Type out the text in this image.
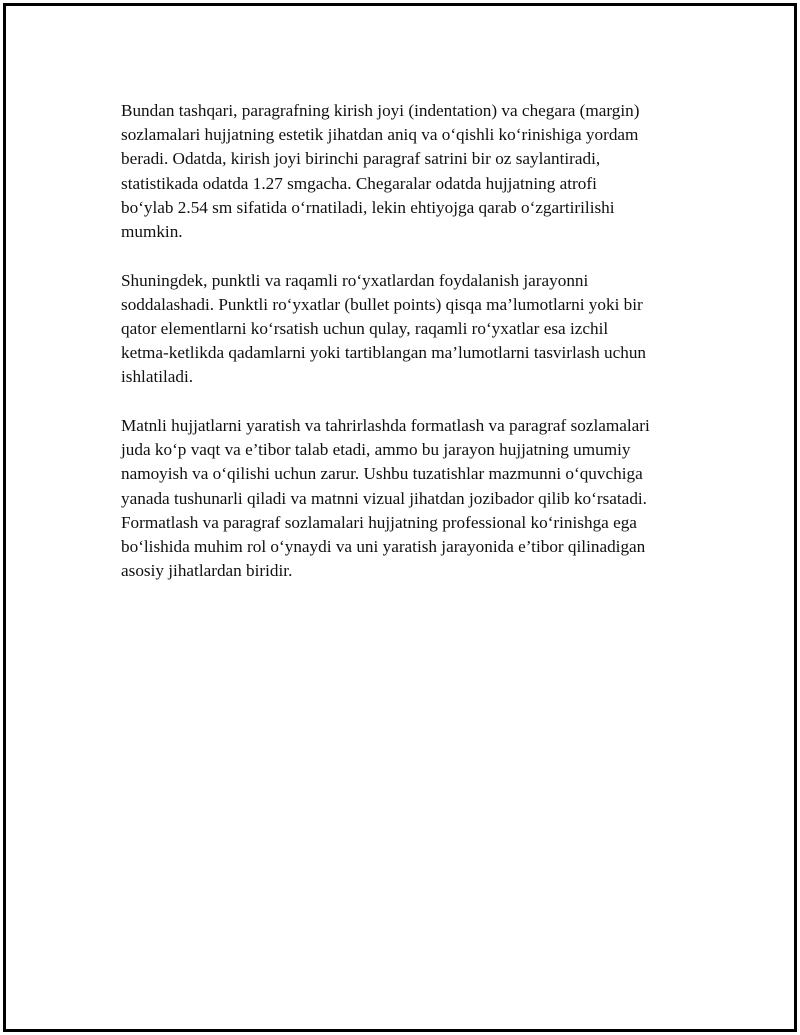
Bundan tashqari, paragrafning kirish joyi (indentation) va chegara (margin)
sozlamalari hujjatning estetik jihatdan aniq va o‘qishli ko‘rinishiga yordam
beradi. Odatda, kirish joyi birinchi paragraf satrini bir oz saylantiradi,
statistikada odatda 1.27 smgacha. Chegaralar odatda hujjatning atrofi
bo‘ylab 2.54 sm sifatida o‘rnatiladi, lekin ehtiyojga qarab o‘zgartirilishi
mumkin.

Shuningdek, punktli va raqamli ro‘yxatlardan foydalanish jarayonni
soddalashadi. Punktli ro‘yxatlar (bullet points) qisqa ma’lumotlarni yoki bir
qator elementlarni ko‘rsatish uchun qulay, raqamli ro‘yxatlar esa izchil
ketma-ketlikda qadamlarni yoki tartiblangan ma’lumotlarni tasvirlash uchun
ishlatiladi.

Matnli hujjatlarni yaratish va tahrirlashda formatlash va paragraf sozlamalari
juda ko‘p vaqt va e’tibor talab etadi, ammo bu jarayon hujjatning umumiy
namoyish va o‘qilishi uchun zarur. Ushbu tuzatishlar mazmunni o‘quvchiga
yanada tushunarli qiladi va matnni vizual jihatdan jozibador qilib ko‘rsatadi.
Formatlash va paragraf sozlamalari hujjatning professional ko‘rinishga ega
bo‘lishida muhim rol o‘ynaydi va uni yaratish jarayonida e’tibor qilinadigan
asosiy jihatlardan biridir.
